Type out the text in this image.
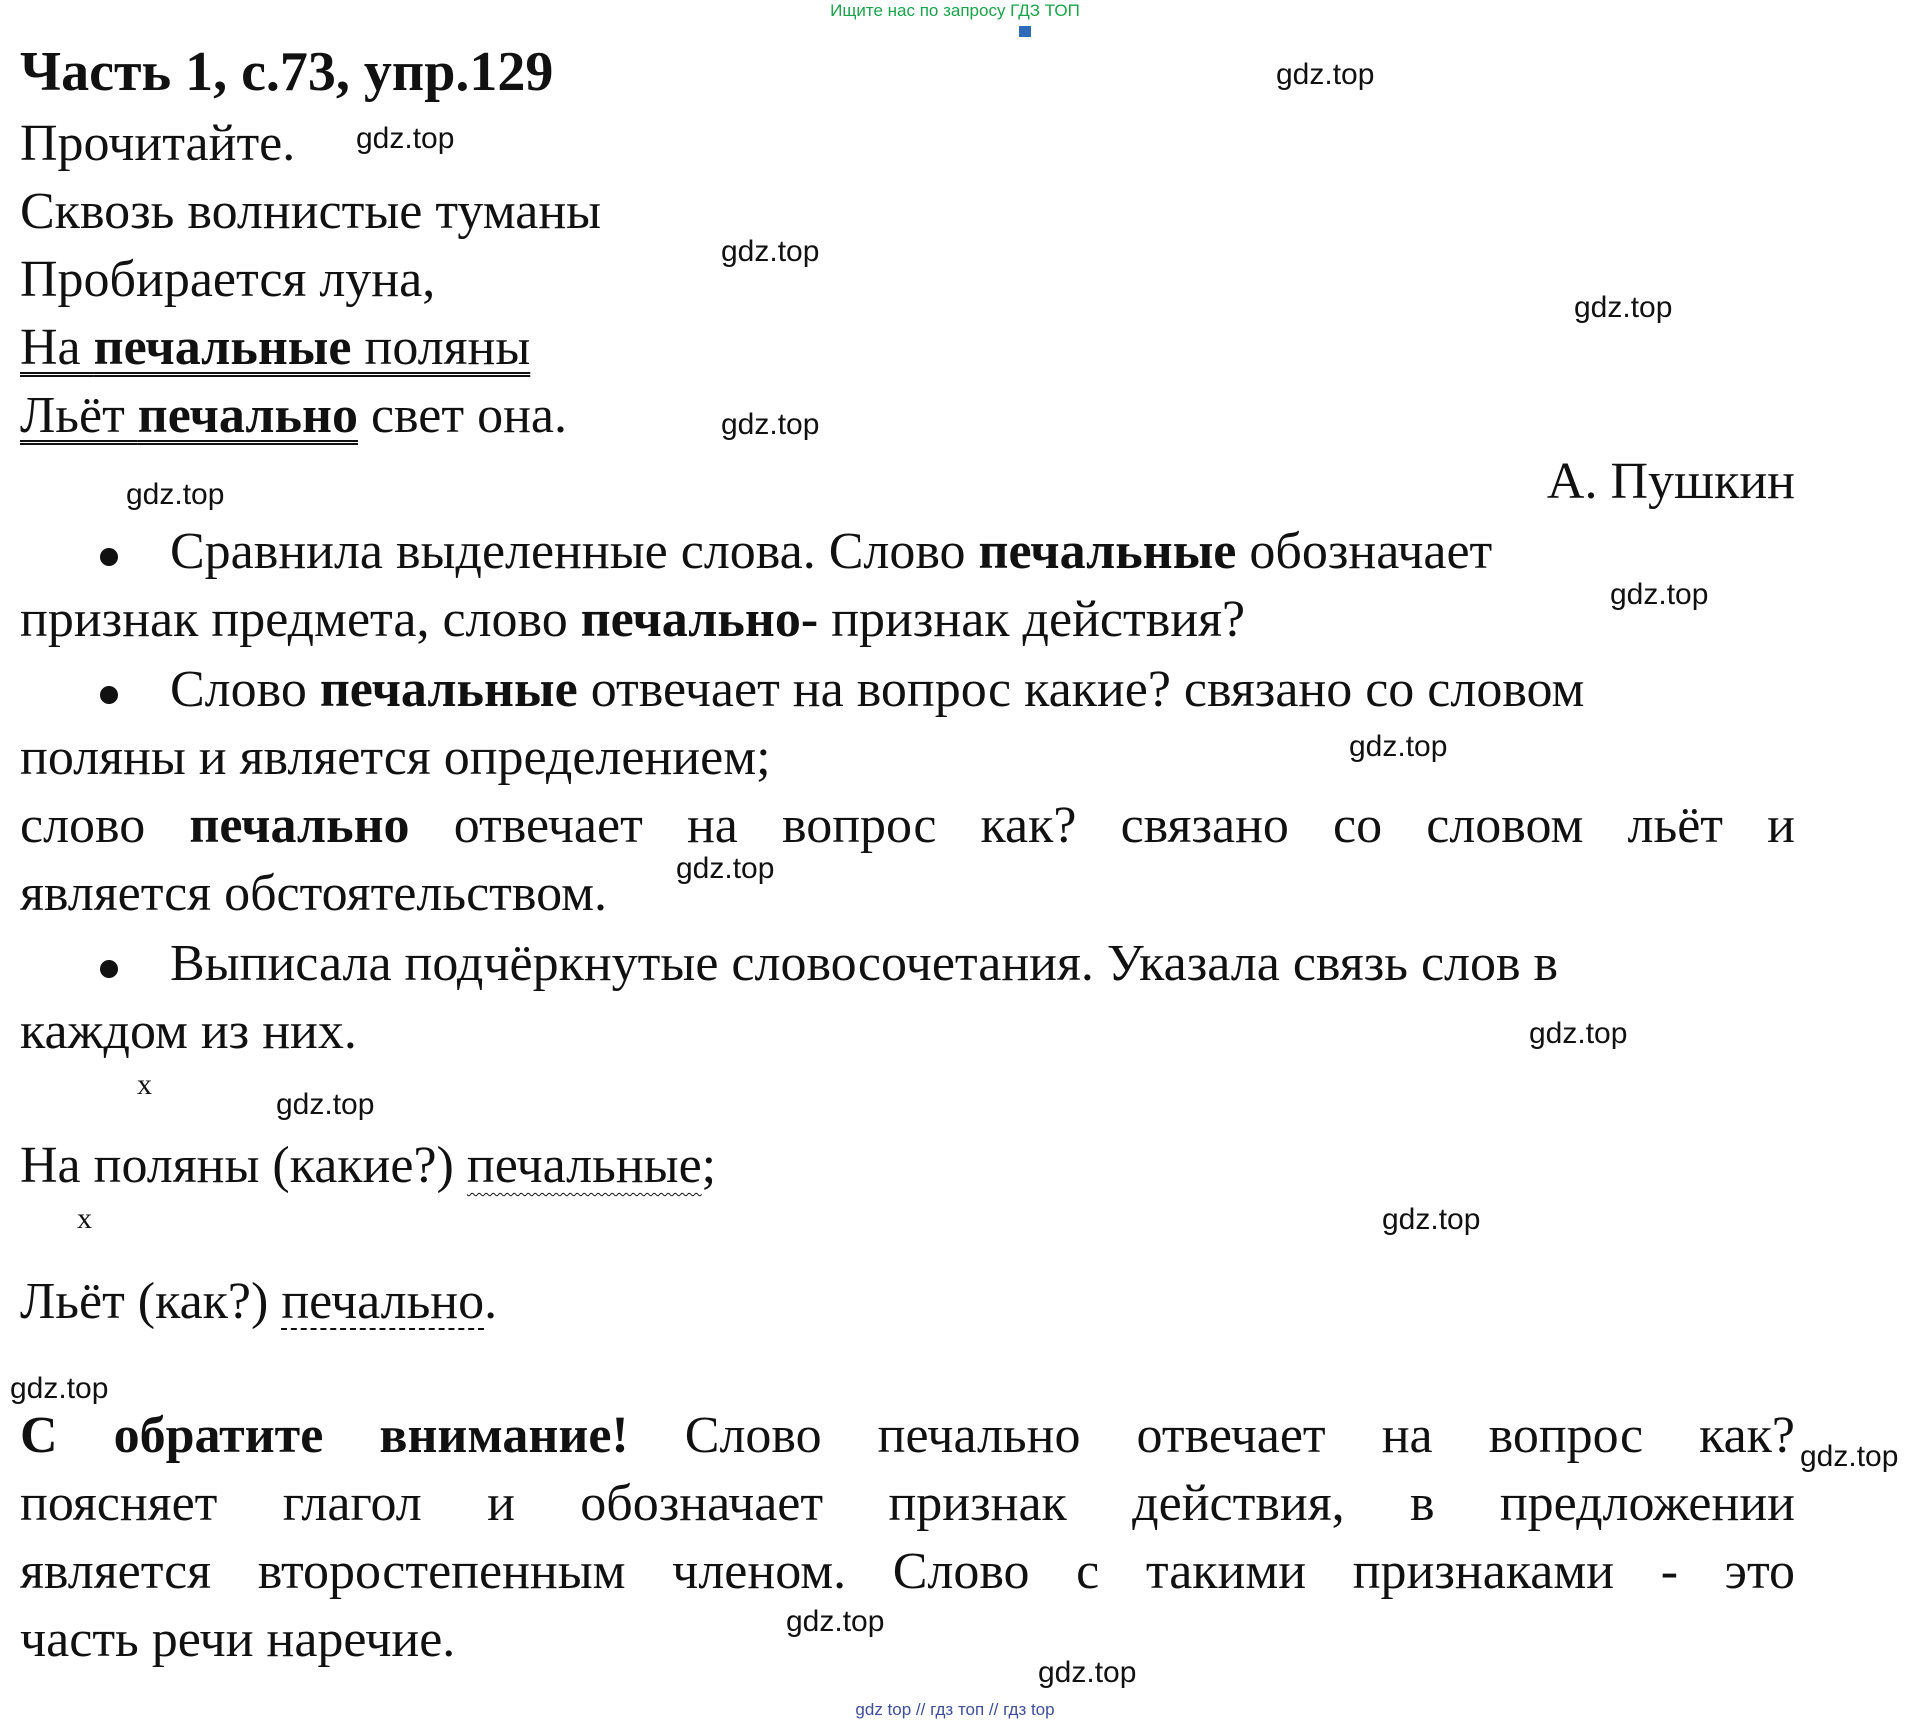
Ищите нас по запросу ГДЗ ТОП
Часть 1, с.73, упр.129
Прочитайте.
Сквозь волнистые туманы
Пробирается луна,
На печальные поляны
Льёт печально свет она.
А. Пушкин
Сравнила выделенные слова. Слово печальные обозначает
признак предмета, слово печально- признак действия?
Слово печальные отвечает на вопрос какие? связано со словом
поляны и является определением;
слово печально отвечает на вопрос как? связано со словом льёт и
является обстоятельством.
Выписала подчёркнутые словосочетания. Указала связь слов в
каждом из них.
х
На поляны (какие?) печальные;
х
Льёт (как?) печально.
С обратите внимание! Слово печально отвечает на вопрос как?
поясняет глагол и обозначает признак действия, в предложении
является второстепенным членом. Слово с такими признаками - это
часть речи наречие.
gdz.top
gdz.top
gdz.top
gdz.top
gdz.top
gdz.top
gdz.top
gdz.top
gdz.top
gdz.top
gdz.top
gdz.top
gdz.top
gdz.top
gdz.top
gdz.top
gdz top // гдз топ // гдз top
